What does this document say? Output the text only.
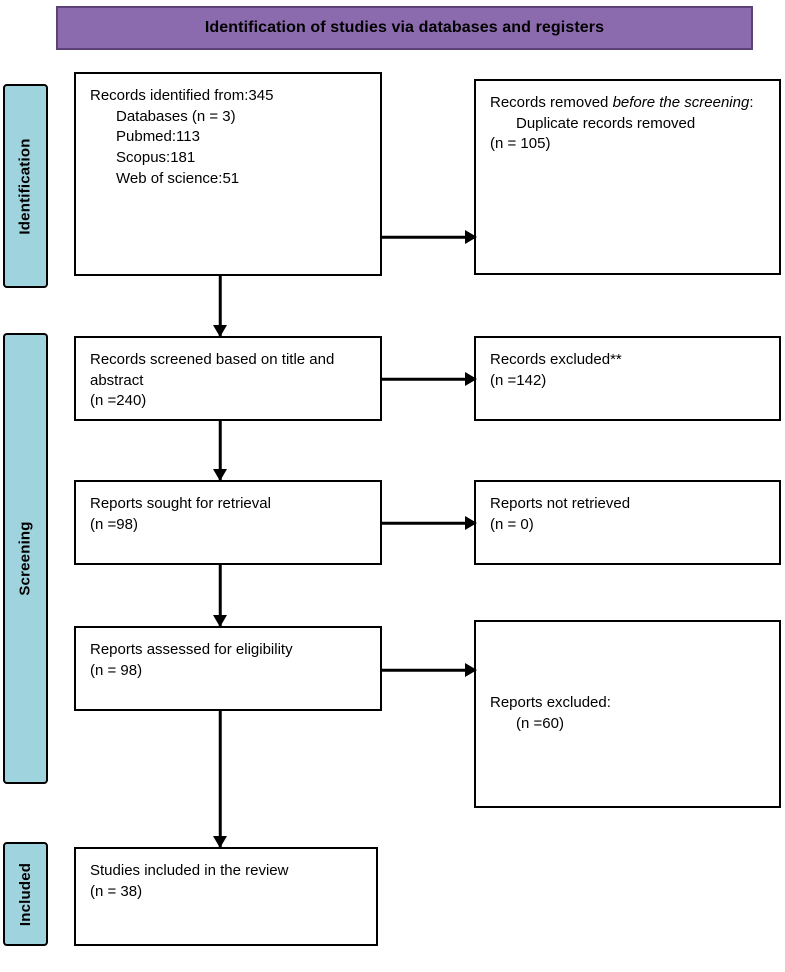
Identification of studies via databases and registers
Identification
Screening
Included
Records identified from:345
Databases (n = 3)
Pubmed:113
Scopus:181
Web of science:51
Records removed before the screening:
Duplicate records removed
(n = 105)
Records screened based on title and abstract
(n =240)
Records excluded**
(n =142)
Reports sought for retrieval
(n =98)
Reports not retrieved
(n = 0)
Reports assessed for eligibility
(n = 98)
Reports excluded:
(n =60)
Studies included in the review
(n = 38)
